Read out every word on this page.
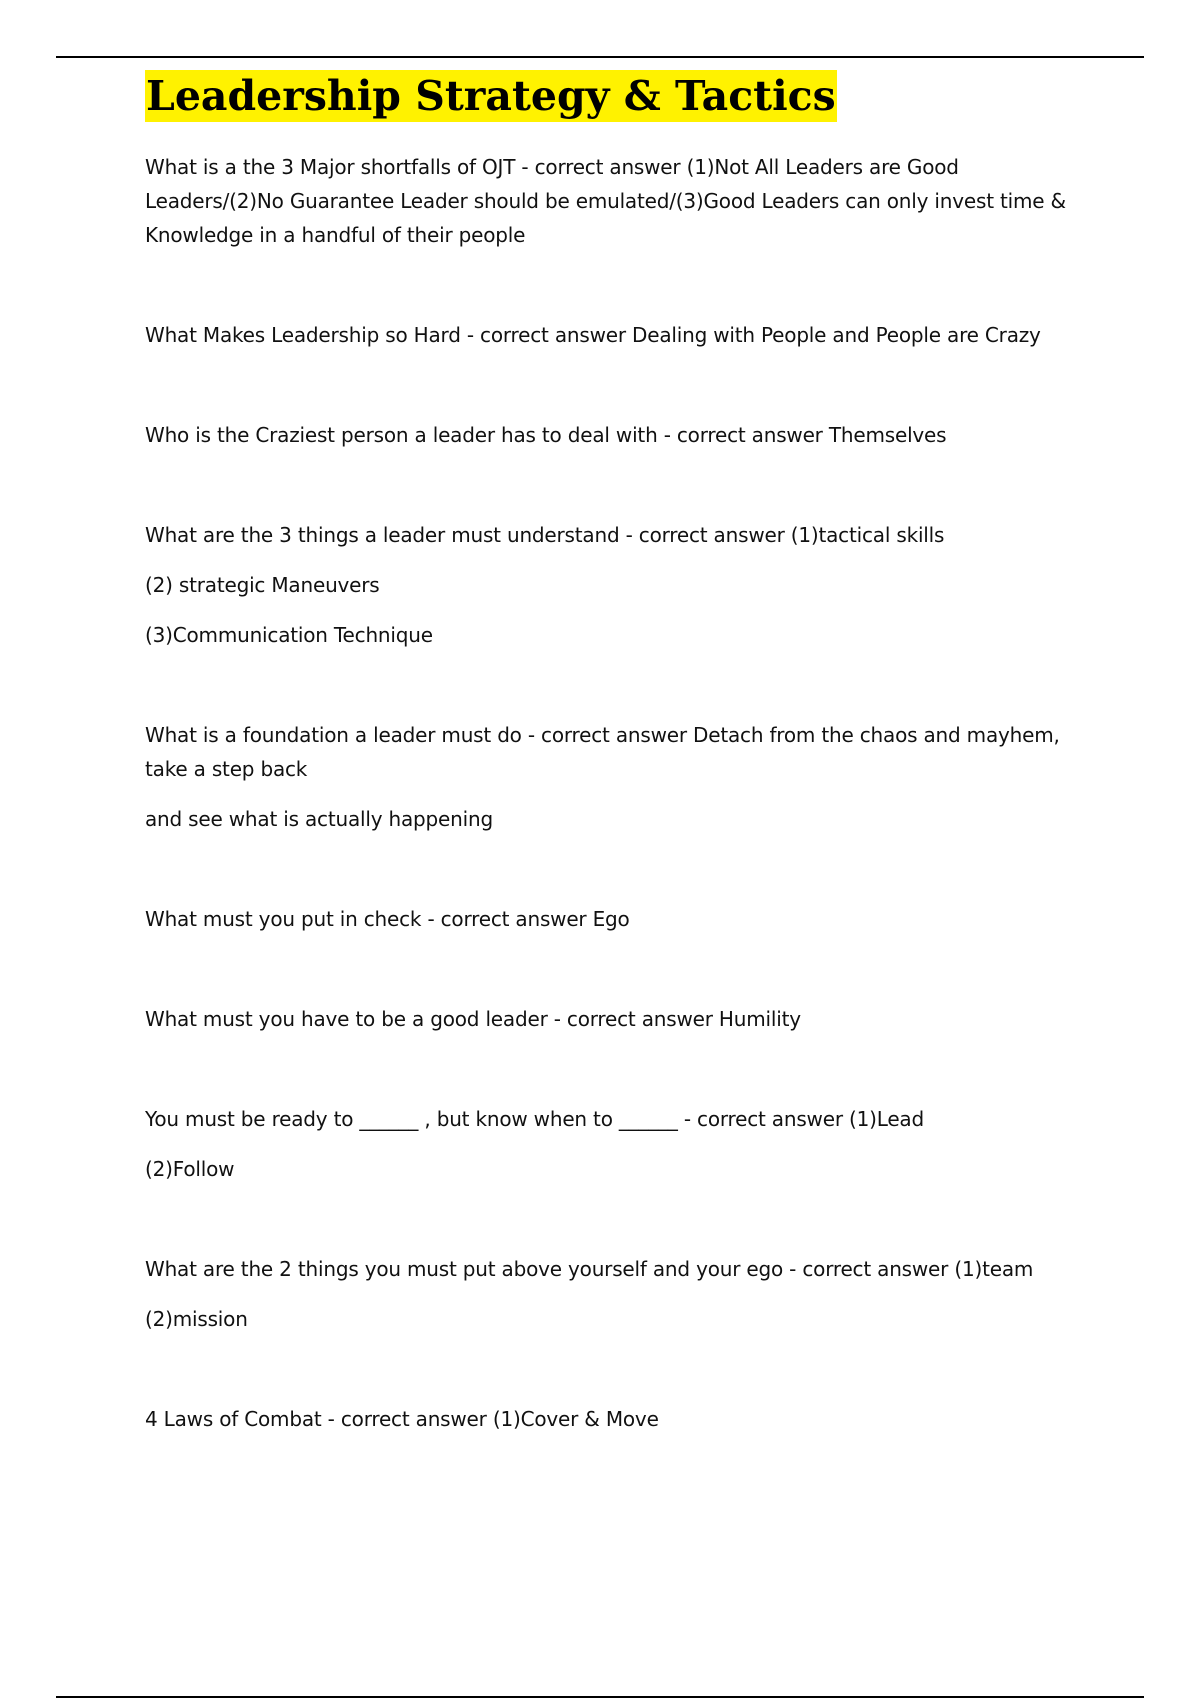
Leadership Strategy & Tactics

What is a the 3 Major shortfalls of OJT - correct answer (1)Not All Leaders are Good Leaders/(2)No Guarantee Leader should be emulated/(3)Good Leaders can only invest time & Knowledge in a handful of their people

What Makes Leadership so Hard - correct answer Dealing with People and People are Crazy

Who is the Craziest person a leader has to deal with - correct answer Themselves

What are the 3 things a leader must understand - correct answer (1)tactical skills

(2) strategic Maneuvers

(3)Communication Technique

What is a foundation a leader must do - correct answer Detach from the chaos and mayhem, take a step back

and see what is actually happening

What must you put in check - correct answer Ego

What must you have to be a good leader - correct answer Humility

You must be ready to ______ , but know when to ______ - correct answer (1)Lead

(2)Follow

What are the 2 things you must put above yourself and your ego - correct answer (1)team

(2)mission

4 Laws of Combat - correct answer (1)Cover & Move
